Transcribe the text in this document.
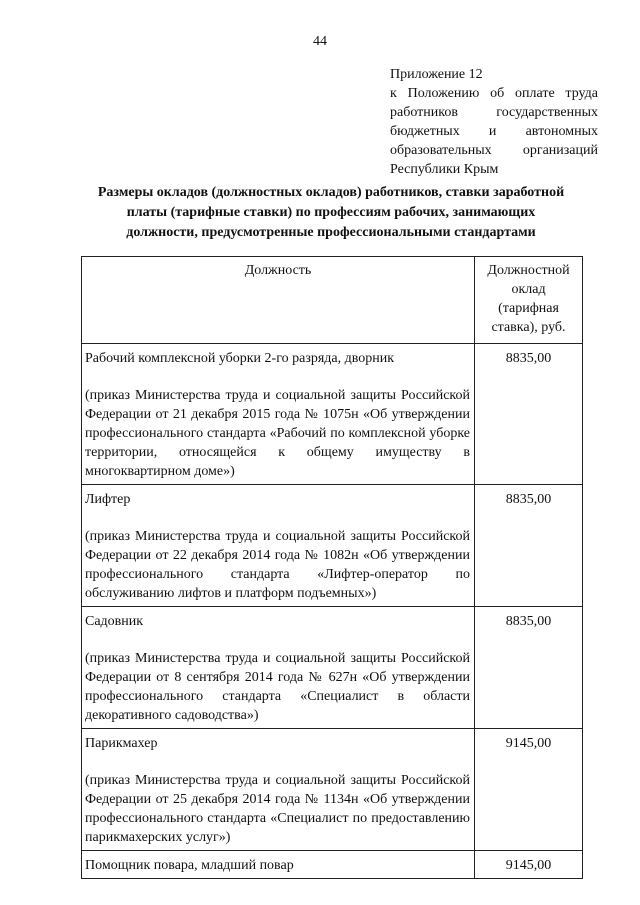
44
Приложение 12
к Положению об оплате труда
работников государственных
бюджетных и автономных
образовательных организаций
Республики Крым
Размеры окладов (должностных окладов) работников, ставки заработной
платы (тарифные ставки) по профессиям рабочих, занимающих
должности, предусмотренные профессиональными стандартами
Должность	Должностной оклад (тарифная ставка), руб.

Рабочий комплексной уборки 2-го разряда, дворник
(приказ Министерства труда и социальной защиты Российской Федерации от 21 декабря 2015 года № 1075н «Об утверждении профессионального стандарта «Рабочий по комплексной уборке территории, относящейся к общему имуществу в многоквартирном доме»)	8835,00

Лифтер
(приказ Министерства труда и социальной защиты Российской Федерации от 22 декабря 2014 года № 1082н «Об утверждении профессионального стандарта «Лифтер-оператор по обслуживанию лифтов и платформ подъемных»)	8835,00

Садовник
(приказ Министерства труда и социальной защиты Российской Федерации от 8 сентября 2014 года № 627н «Об утверждении профессионального стандарта «Специалист в области декоративного садоводства»)	8835,00

Парикмахер
(приказ Министерства труда и социальной защиты Российской Федерации от 25 декабря 2014 года № 1134н «Об утверждении профессионального стандарта «Специалист по предоставлению парикмахерских услуг»)	9145,00

Помощник повара, младший повар	9145,00
